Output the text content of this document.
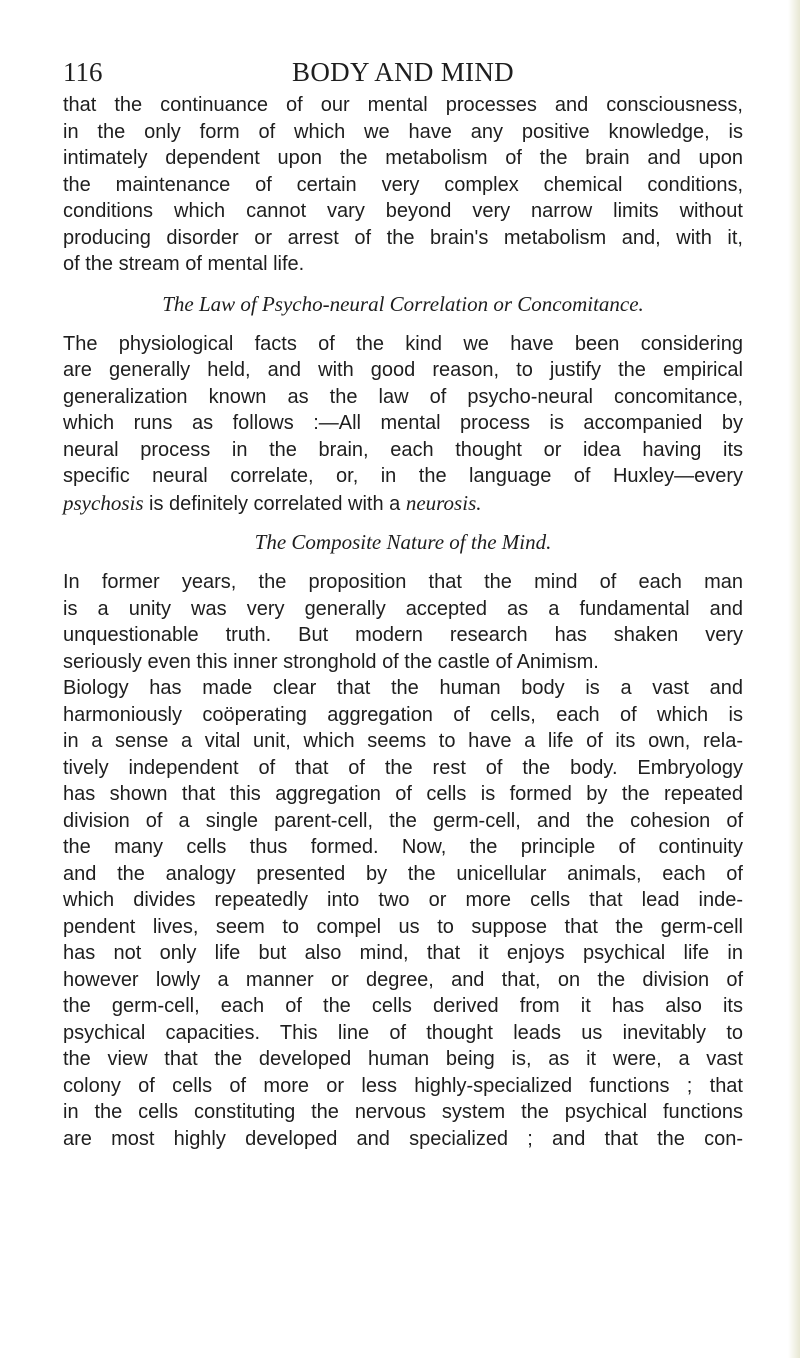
116	BODY AND MIND
that the continuance of our mental processes and consciousness,
in the only form of which we have any positive knowledge, is
intimately dependent upon the metabolism of the brain and upon
the maintenance of certain very complex chemical conditions,
conditions which cannot vary beyond very narrow limits without
producing disorder or arrest of the brain's metabolism and, with it,
of the stream of mental life.
The Law of Psycho-neural Correlation or Concomitance.
The physiological facts of the kind we have been considering
are generally held, and with good reason, to justify the empirical
generalization known as the law of psycho-neural concomitance,
which runs as follows :—All mental process is accompanied by
neural process in the brain, each thought or idea having its
specific neural correlate, or, in the language of Huxley—every
psychosis is definitely correlated with a neurosis.
The Composite Nature of the Mind.
In former years, the proposition that the mind of each man
is a unity was very generally accepted as a fundamental and
unquestionable truth. But modern research has shaken very
seriously even this inner stronghold of the castle of Animism.
Biology has made clear that the human body is a vast and
harmoniously coöperating aggregation of cells, each of which is
in a sense a vital unit, which seems to have a life of its own, rela-
tively independent of that of the rest of the body. Embryology
has shown that this aggregation of cells is formed by the repeated
division of a single parent-cell, the germ-cell, and the cohesion of
the many cells thus formed. Now, the principle of continuity
and the analogy presented by the unicellular animals, each of
which divides repeatedly into two or more cells that lead inde-
pendent lives, seem to compel us to suppose that the germ-cell
has not only life but also mind, that it enjoys psychical life in
however lowly a manner or degree, and that, on the division of
the germ-cell, each of the cells derived from it has also its
psychical capacities. This line of thought leads us inevitably to
the view that the developed human being is, as it were, a vast
colony of cells of more or less highly-specialized functions ; that
in the cells constituting the nervous system the psychical functions
are most highly developed and specialized ; and that the con-
